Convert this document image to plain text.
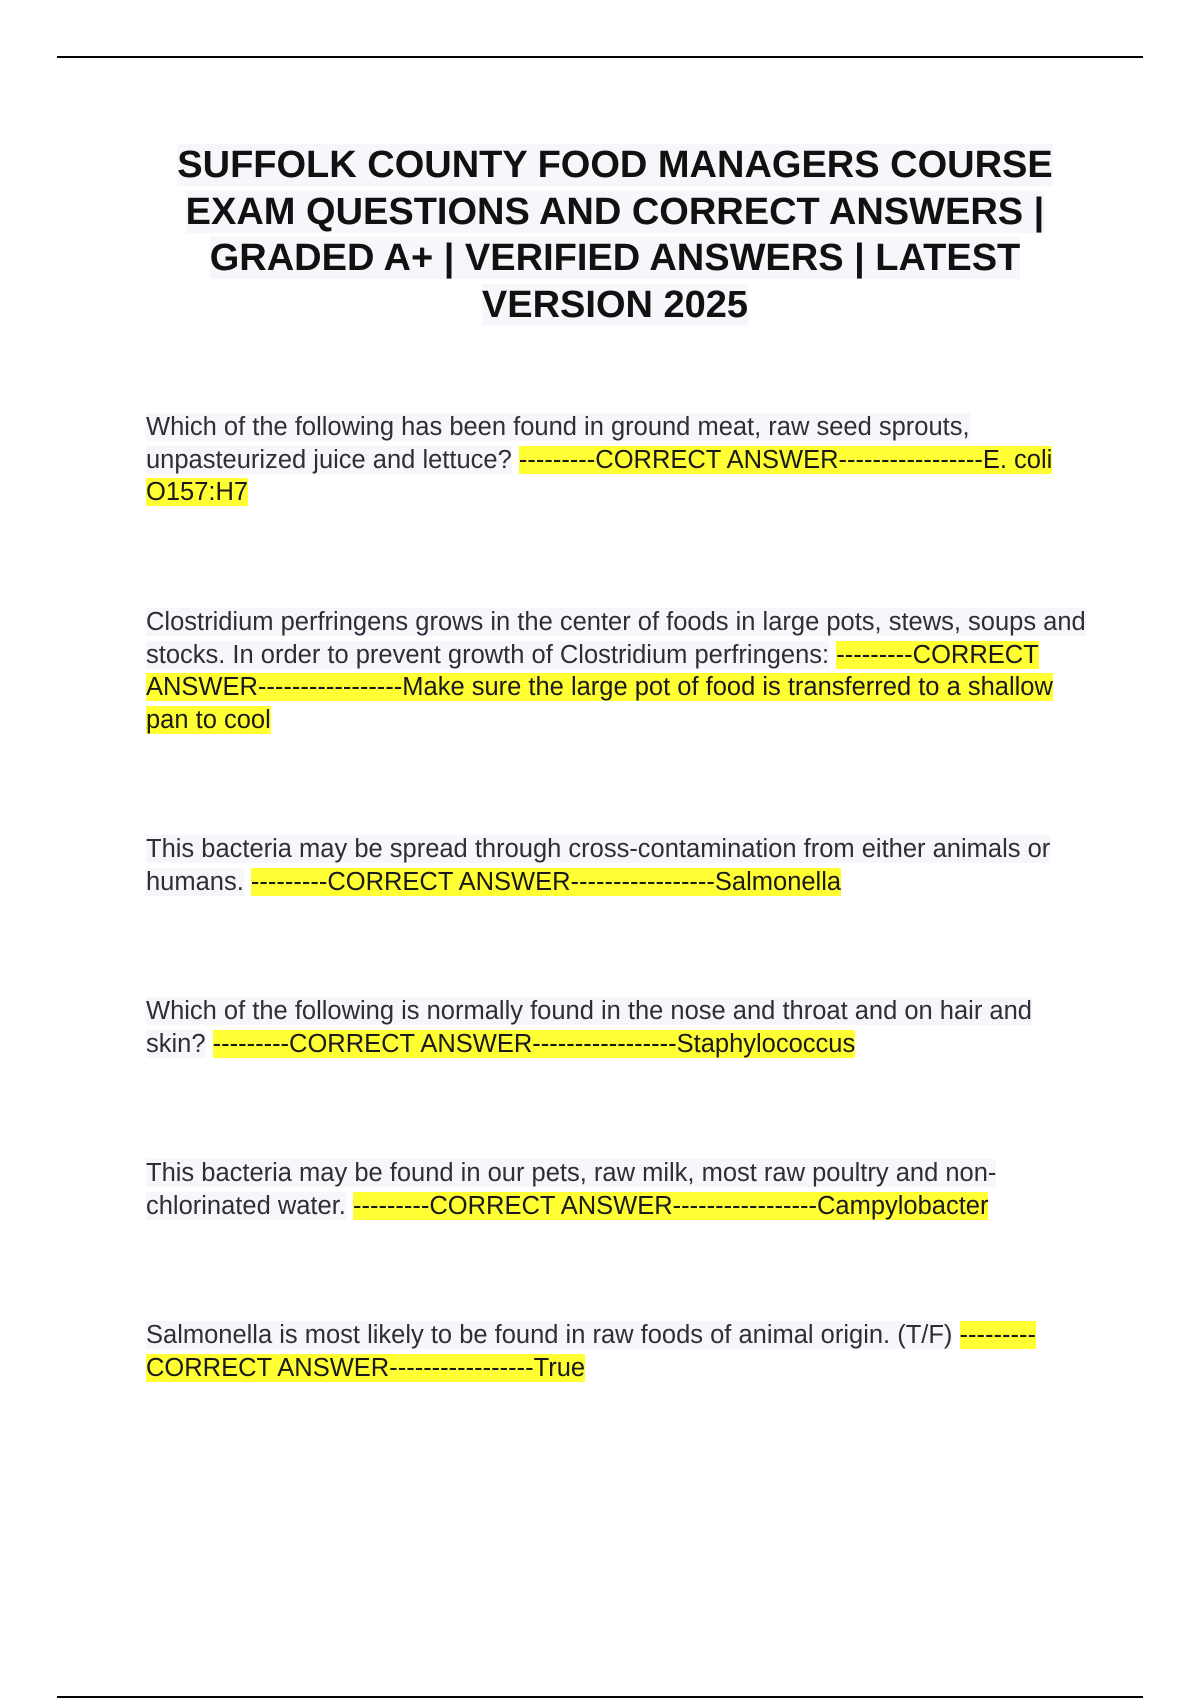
SUFFOLK COUNTY FOOD MANAGERS COURSE EXAM QUESTIONS AND CORRECT ANSWERS | GRADED A+ | VERIFIED ANSWERS | LATEST VERSION 2025

Which of the following has been found in ground meat, raw seed sprouts, unpasteurized juice and lettuce? ---------CORRECT ANSWER-----------------E. coli O157:H7

Clostridium perfringens grows in the center of foods in large pots, stews, soups and stocks. In order to prevent growth of Clostridium perfringens: ---------CORRECT ANSWER-----------------Make sure the large pot of food is transferred to a shallow pan to cool

This bacteria may be spread through cross-contamination from either animals or humans. ---------CORRECT ANSWER-----------------Salmonella

Which of the following is normally found in the nose and throat and on hair and skin? ---------CORRECT ANSWER-----------------Staphylococcus

This bacteria may be found in our pets, raw milk, most raw poultry and non-chlorinated water. ---------CORRECT ANSWER-----------------Campylobacter

Salmonella is most likely to be found in raw foods of animal origin. (T/F) ---------CORRECT ANSWER-----------------True
